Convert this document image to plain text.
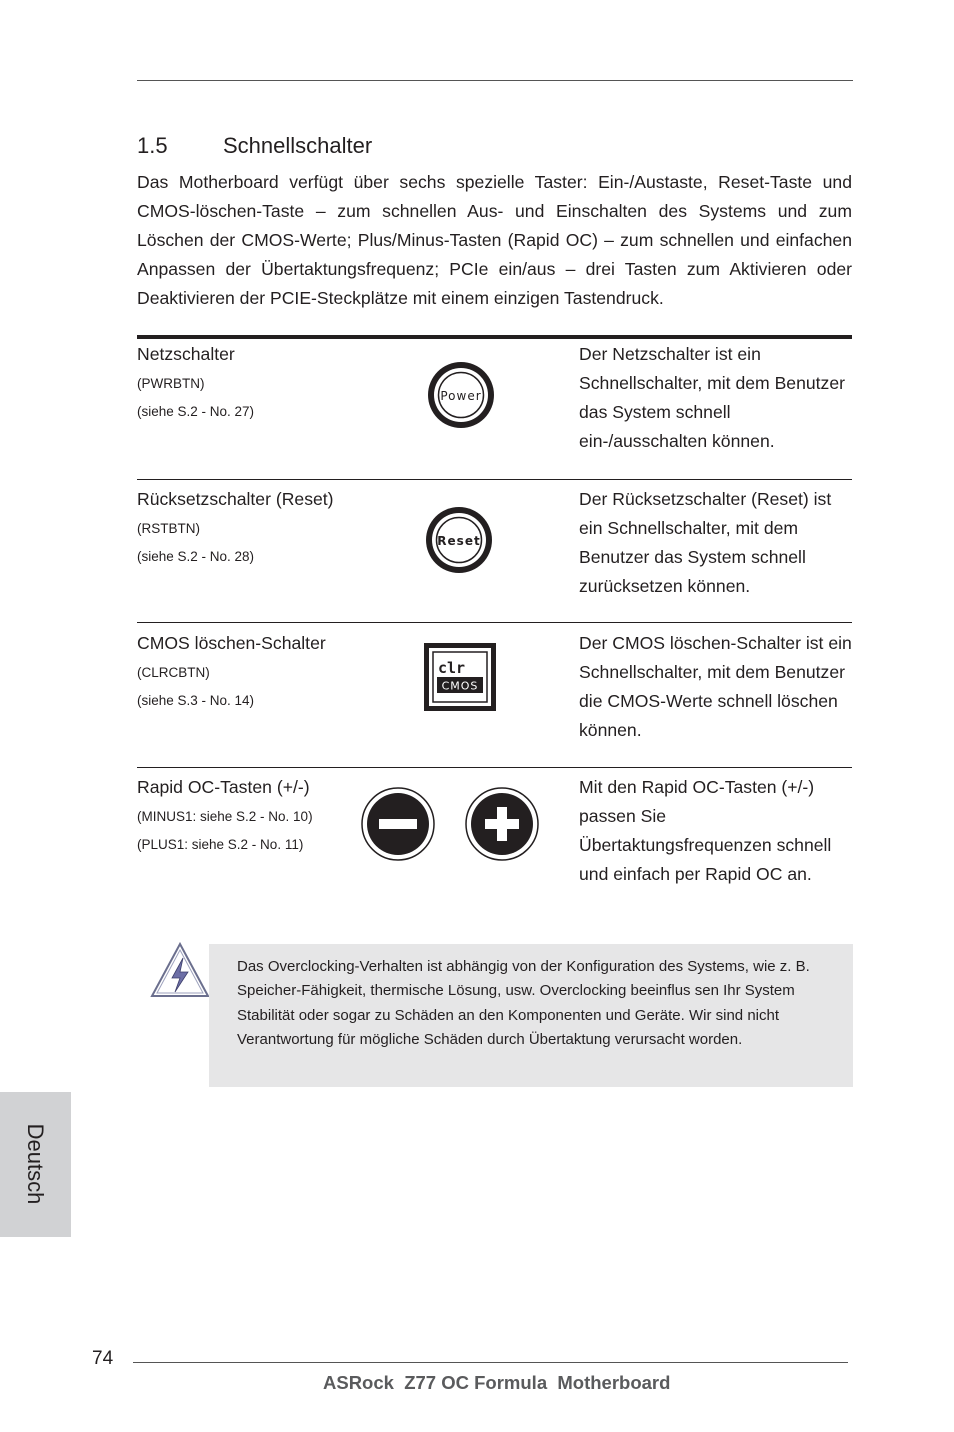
1.5	Schnellschalter
Das Motherboard verfügt über sechs spezielle Taster: Ein-/Austaste, Reset-Taste und CMOS-löschen-Taste – zum schnellen Aus- und Einschalten des Systems und zum Löschen der CMOS-Werte; Plus/Minus-Tasten (Rapid OC) – zum schnellen und einfachen Anpassen der Übertaktungsfrequenz; PCIe ein/aus – drei Tasten zum Aktivieren oder Deaktivieren der PCIE-Steckplätze mit einem einzigen Tastendruck.
Netzschalter
(PWRBTN)
(siehe S.2 - No. 27)
Power
Der Netzschalter ist ein Schnellschalter, mit dem Benutzer das System schnell ein-/ausschalten können.
Rücksetzschalter (Reset)
(RSTBTN)
(siehe S.2 - No. 28)
Reset
Der Rücksetzschalter (Reset) ist ein Schnellschalter, mit dem Benutzer das System schnell zurücksetzen können.
CMOS löschen-Schalter
(CLRCBTN)
(siehe S.3 - No. 14)
clr
CMOS
Der CMOS löschen-Schalter ist ein Schnellschalter, mit dem Benutzer die CMOS-Werte schnell löschen können.
Rapid OC-Tasten (+/-)
(MINUS1: siehe S.2 - No. 10)
(PLUS1: siehe S.2 - No. 11)
Mit den Rapid OC-Tasten (+/-) passen Sie Übertaktungsfrequenzen schnell und einfach per Rapid OC an.
Das Overclocking-Verhalten ist abhängig von der Konfiguration des Systems, wie z. B. Speicher-Fähigkeit, thermische Lösung, usw. Overclocking beeinflus sen Ihr System Stabilität oder sogar zu Schäden an den Komponenten und Geräte. Wir sind nicht Verantwortung für mögliche Schäden durch Übertaktung verursacht worden.
Deutsch
74
ASRock  Z77 OC Formula  Motherboard
